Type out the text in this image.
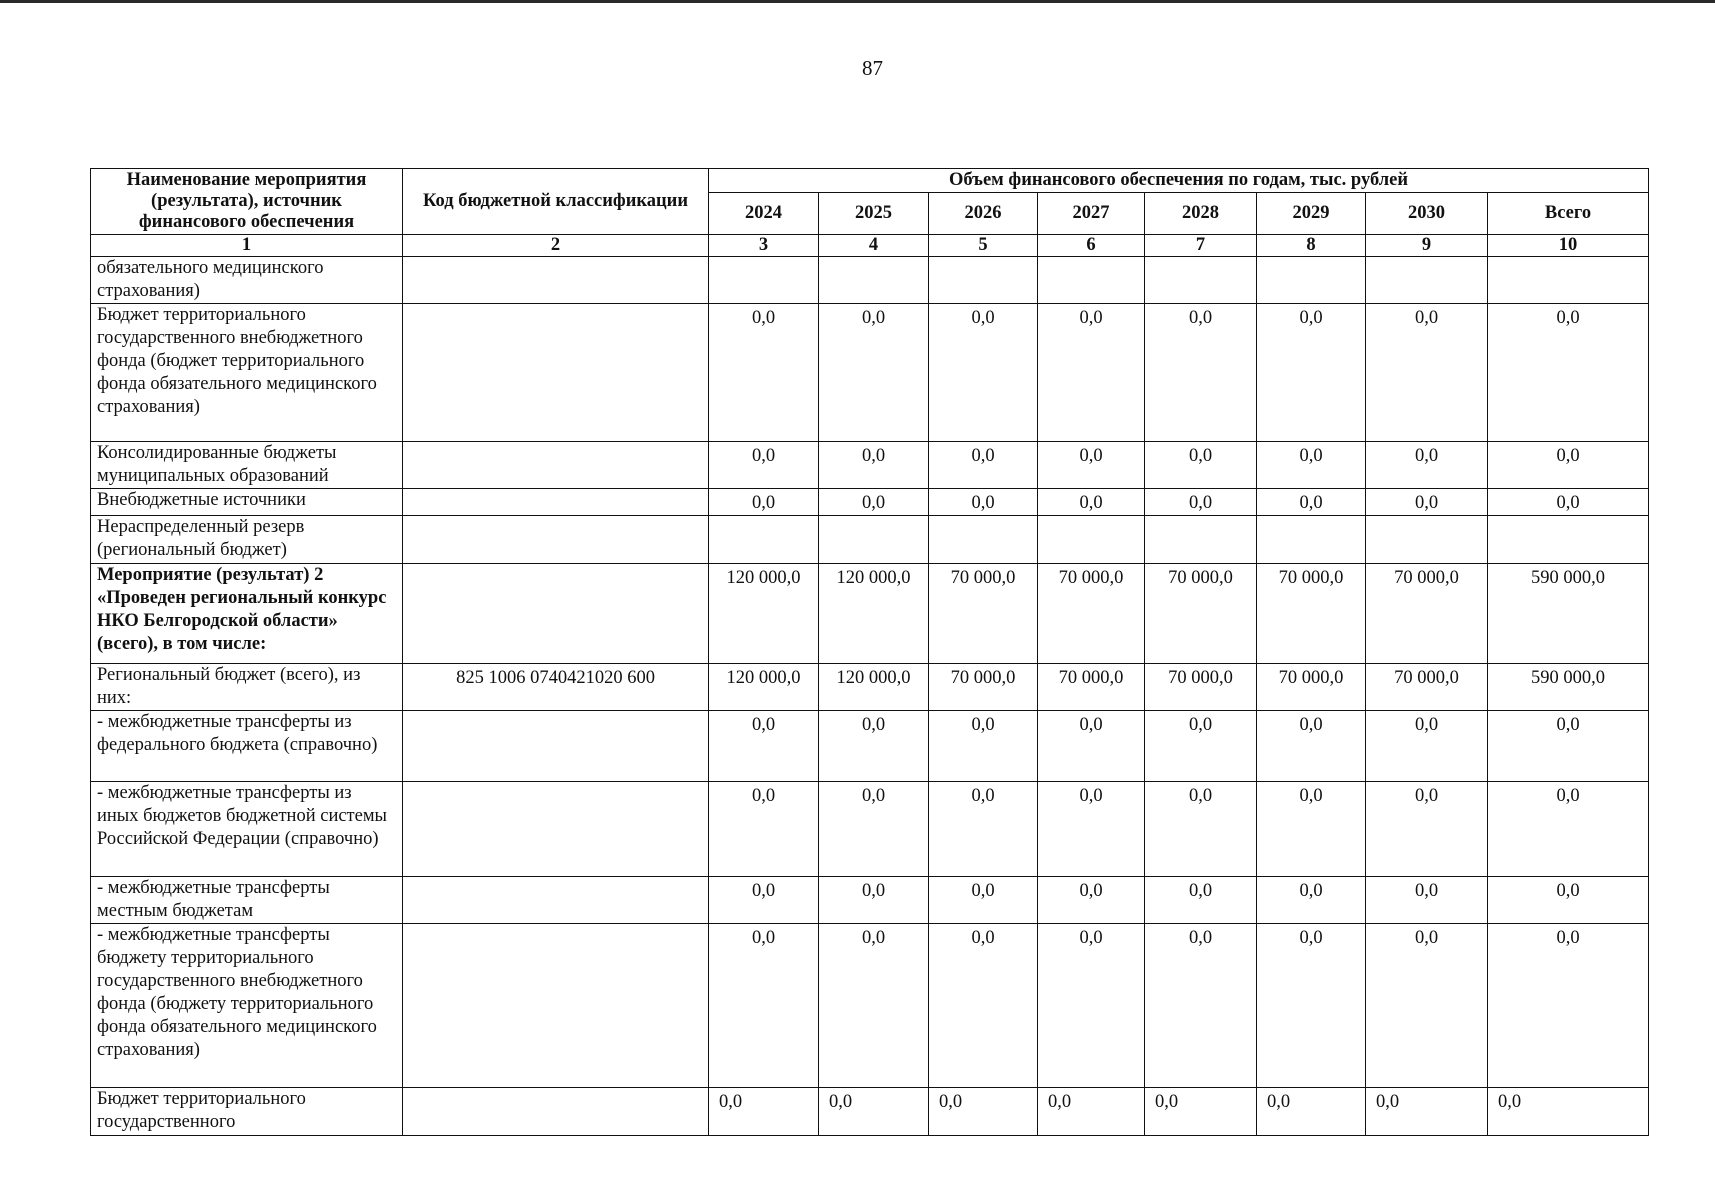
87
Наименование мероприятия (результата), источник финансового обеспечения	Код бюджетной классификации	Объем финансового обеспечения по годам, тыс. рублей							
		2024	2025	2026	2027	2028	2029	2030	Всего
1	2	3	4	5	6	7	8	9	10
обязательного медицинского страхования)									
Бюджет территориального государственного внебюджетного фонда (бюджет территориального фонда обязательного медицинского страхования)		0,0	0,0	0,0	0,0	0,0	0,0	0,0	0,0
Консолидированные бюджеты муниципальных образований		0,0	0,0	0,0	0,0	0,0	0,0	0,0	0,0
Внебюджетные источники		0,0	0,0	0,0	0,0	0,0	0,0	0,0	0,0
Нераспределенный резерв (региональный бюджет)									
Мероприятие (результат) 2 «Проведен региональный конкурс НКО Белгородской области» (всего), в том числе:		120 000,0	120 000,0	70 000,0	70 000,0	70 000,0	70 000,0	70 000,0	590 000,0
Региональный бюджет (всего), из них:	825 1006 0740421020 600	120 000,0	120 000,0	70 000,0	70 000,0	70 000,0	70 000,0	70 000,0	590 000,0
- межбюджетные трансферты из федерального бюджета (справочно)		0,0	0,0	0,0	0,0	0,0	0,0	0,0	0,0
- межбюджетные трансферты из иных бюджетов бюджетной системы Российской Федерации (справочно)		0,0	0,0	0,0	0,0	0,0	0,0	0,0	0,0
- межбюджетные трансферты местным бюджетам		0,0	0,0	0,0	0,0	0,0	0,0	0,0	0,0
- межбюджетные трансферты бюджету территориального государственного внебюджетного фонда (бюджету территориального фонда обязательного медицинского страхования)		0,0	0,0	0,0	0,0	0,0	0,0	0,0	0,0
Бюджет территориального государственного		0,0	0,0	0,0	0,0	0,0	0,0	0,0	0,0
